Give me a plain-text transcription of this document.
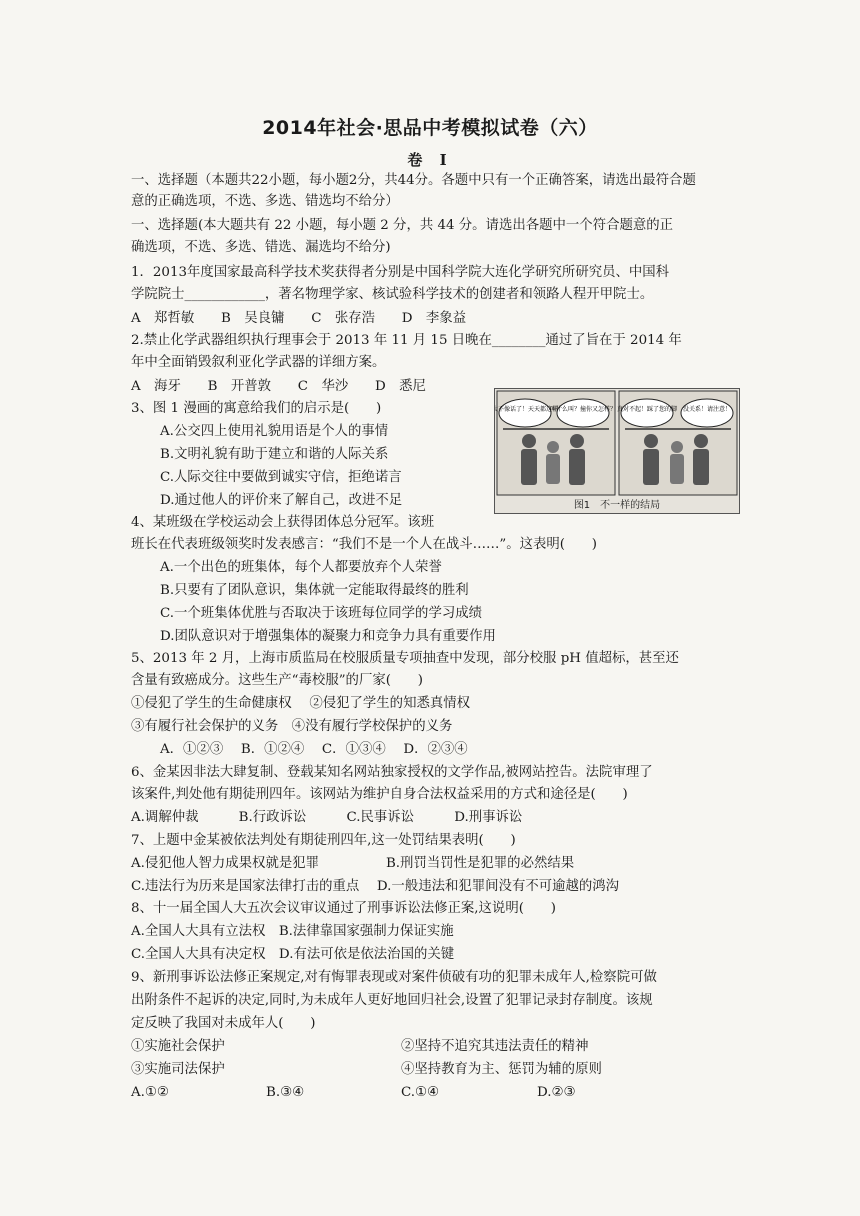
2014年社会·思品中考模拟试卷（六）
卷 Ⅰ
一、选择题（本题共22小题，每小题2分，共44分。各题中只有一个正确答案，请选出最符合题
意的正确选项，不选、多选、错选均不给分）
一、选择题(本大题共有 22 小题，每小题 2 分，共 44 分。请选出各题中一个符合题意的正
确选项，不选、多选、错选、漏选均不给分)
1．2013年度国家最高科学技术奖获得者分别是中国科学院大连化学研究所研究员、中国科
学院院士____________，著名物理学家、核试验科学技术的创建者和领路人程开甲院士。
A　郑哲敏　　B　吴良镛　　C　张存浩　　D　李象益
2.禁止化学武器组织执行理事会于 2013 年 11 月 15 日晚在________通过了旨在于 2014 年
年中全面销毁叙利亚化学武器的详细方案。
A　海牙　　B　开普敦　　C　华沙　　D　悉尼
3、图 1 漫画的寓意给我们的启示是(　　)
A.公交四上使用礼貌用语是个人的事情
B.文明礼貌有助于建立和谐的人际关系
C.人际交往中要做到诚实守信，拒绝诺言
D.通过他人的评价来了解自己，改进不足
4、某班级在学校运动会上获得团体总分冠军。该班
班长在代表班级领奖时发表感言：“我们不是一个人在战斗……”。这表明(　　)
A.一个出色的班集体，每个人都要放弃个人荣誉
B.只要有了团队意识，集体就一定能取得最终的胜利
C.一个班集体优胜与否取决于该班每位同学的学习成绩
D.团队意识对于增强集体的凝聚力和竞争力具有重要作用
5、2013 年 2 月，上海市质监局在校服质量专项抽查中发现，部分校服 pH 值超标，甚至还
含量有致癌成分。这些生产“毒校服”的厂家(　　)
①侵犯了学生的生命健康权　 ②侵犯了学生的知悉真情权
③有履行社会保护的义务　④没有履行学校保护的义务
A．①②③　 B．①②④　 C．①③④　 D．②③④
6、金某因非法大肆复制、登载某知名网站独家授权的文学作品,被网站控告。法院审理了
该案件,判处他有期徒刑四年。该网站为维护自身合法权益采用的方式和途径是(　　)
A.调解仲裁　　　B.行政诉讼　　　C.民事诉讼　　　D.刑事诉讼
7、上题中金某被依法判处有期徒刑四年,这一处罚结果表明(　　)
A.侵犯他人智力成果权就是犯罪　　　　　B.刑罚当罚性是犯罪的必然结果
C.违法行为历来是国家法律打击的重点　 D.一般违法和犯罪间没有不可逾越的鸿沟
8、十一届全国人大五次会议审议通过了刑事诉讼法修正案,这说明(　　)
A.全国人大具有立法权　B.法律靠国家强制力保证实施
C.全国人大具有决定权　D.有法可依是依法治国的关键
9、新刑事诉讼法修正案规定,对有悔罪表现或对案件侦破有功的犯罪未成年人,检察院可做
出附条件不起诉的决定,同时,为未成年人更好地回归社会,设置了犯罪记录封存制度。该规
定反映了我国对未成年人(　　)
①实施社会保护	②坚持不追究其违法责任的精神
③实施司法保护	④坚持教育为主、惩罚为辅的原则
A.①②	B.③④	C.①④	D.②③
太不像话了！天天都这样
叫什么叫？撞你又怎样？ 真对不起！踩了您的脚 没关系！请注意！
图1　不一样的结局
